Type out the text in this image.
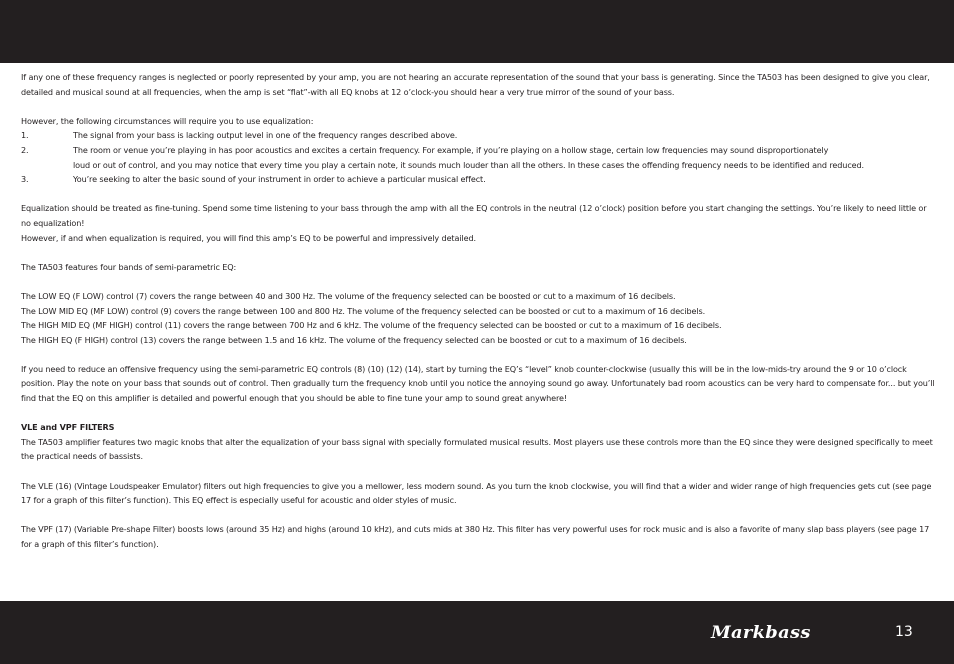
If any one of these frequency ranges is neglected or poorly represented by your amp, you are not hearing an accurate representation of the sound that your bass is generating. Since the TA503 has been designed to give you clear, detailed and musical sound at all frequencies, when the amp is set “flat”-with all EQ knobs at 12 o’clock-you should hear a very true mirror of the sound of your bass.

However, the following circumstances will require you to use equalization:

1.	The signal from your bass is lacking output level in one of the frequency ranges described above.
2.	The room or venue you’re playing in has poor acoustics and excites a certain frequency. For example, if you’re playing on a hollow stage, certain low frequencies may sound disproportionately
loud or out of control, and you may notice that every time you play a certain note, it sounds much louder than all the others. In these cases the offending frequency needs to be identified and reduced.
3.	You’re seeking to alter the basic sound of your instrument in order to achieve a particular musical effect.

Equalization should be treated as fine-tuning. Spend some time listening to your bass through the amp with all the EQ controls in the neutral (12 o’clock) position before you start changing the settings. You’re likely to need little or no equalization!

However, if and when equalization is required, you will find this amp’s EQ to be powerful and impressively detailed.

The TA503 features four bands of semi-parametric EQ:

The LOW EQ (F LOW) control (7) covers the range between 40 and 300 Hz. The volume of the frequency selected can be boosted or cut to a maximum of 16 decibels.

The LOW MID EQ (MF LOW) control (9) covers the range between 100 and 800 Hz. The volume of the frequency selected can be boosted or cut to a maximum of 16 decibels.

The HIGH MID EQ (MF HIGH) control (11) covers the range between 700 Hz and 6 kHz. The volume of the frequency selected can be boosted or cut to a maximum of 16 decibels.

The HIGH EQ (F HIGH) control (13) covers the range between 1.5 and 16 kHz. The volume of the frequency selected can be boosted or cut to a maximum of 16 decibels.

If you need to reduce an offensive frequency using the semi-parametric EQ controls (8) (10) (12) (14), start by turning the EQ’s “level” knob counter-clockwise (usually this will be in the low-mids-try around the 9 or 10 o’clock position. Play the note on your bass that sounds out of control. Then gradually turn the frequency knob until you notice the annoying sound go away. Unfortunately bad room acoustics can be very hard to compensate for... but you’ll find that the EQ on this amplifier is detailed and powerful enough that you should be able to fine tune your amp to sound great anywhere!

VLE and VPF FILTERS

The TA503 amplifier features two magic knobs that alter the equalization of your bass signal with specially formulated musical results. Most players use these controls more than the EQ since they were designed specifically to meet the practical needs of bassists.

The VLE (16) (Vintage Loudspeaker Emulator) filters out high frequencies to give you a mellower, less modern sound. As you turn the knob clockwise, you will find that a wider and wider range of high frequencies gets cut (see page 17 for a graph of this filter’s function). This EQ effect is especially useful for acoustic and older styles of music.

The VPF (17) (Variable Pre-shape Filter) boosts lows (around 35 Hz) and highs (around 10 kHz), and cuts mids at 380 Hz. This filter has very powerful uses for rock music and is also a favorite of many slap bass players (see page 17 for a graph of this filter’s function).

Markbass	13
